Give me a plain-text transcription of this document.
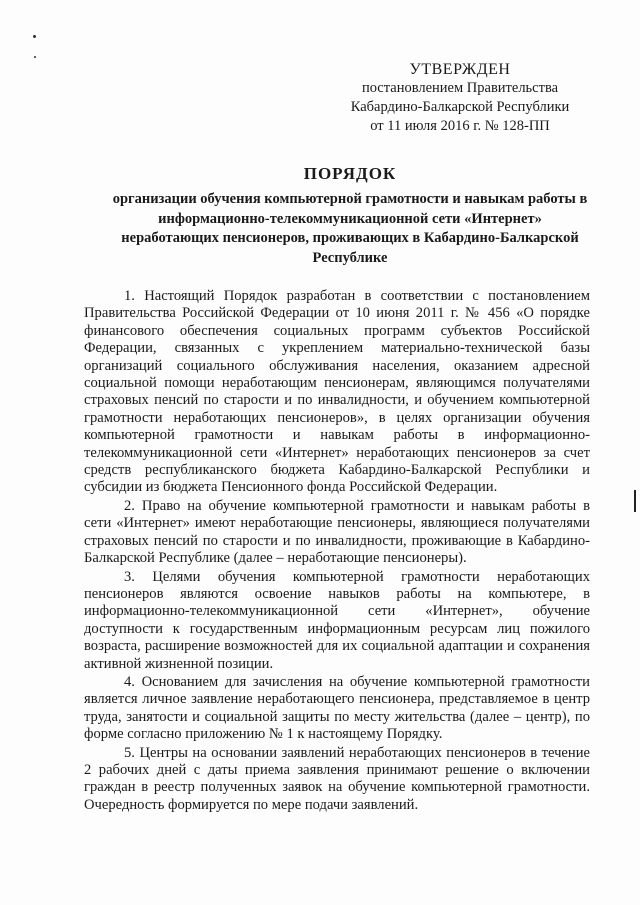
УТВЕРЖДЕН
постановлением Правительства
Кабардино-Балкарской Республики
от 11 июля 2016 г. № 128-ПП
ПОРЯДОК
организации обучения компьютерной грамотности и навыкам работы в информационно-телекоммуникационной сети «Интернет» неработающих пенсионеров, проживающих в Кабардино-Балкарской Республике

1. Настоящий Порядок разработан в соответствии с постановлением Правительства Российской Федерации от 10 июня 2011 г. № 456 «О порядке финансового обеспечения социальных программ субъектов Российской Федерации, связанных с укреплением материально-технической базы организаций социального обслуживания населения, оказанием адресной социальной помощи неработающим пенсионерам, являющимся получателями страховых пенсий по старости и по инвалидности, и обучением компьютерной грамотности неработающих пенсионеров», в целях организации обучения компьютерной грамотности и навыкам работы в информационно-телекоммуникационной сети «Интернет» неработающих пенсионеров за счет средств республиканского бюджета Кабардино-Балкарской Республики и субсидии из бюджета Пенсионного фонда Российской Федерации.

2. Право на обучение компьютерной грамотности и навыкам работы в сети «Интернет» имеют неработающие пенсионеры, являющиеся получателями страховых пенсий по старости и по инвалидности, проживающие в Кабардино-Балкарской Республике (далее – неработающие пенсионеры).

3. Целями обучения компьютерной грамотности неработающих пенсионеров являются освоение навыков работы на компьютере, в информационно-телекоммуникационной сети «Интернет», обучение доступности к государственным информационным ресурсам лиц пожилого возраста, расширение возможностей для их социальной адаптации и сохранения активной жизненной позиции.

4. Основанием для зачисления на обучение компьютерной грамотности является личное заявление неработающего пенсионера, представляемое в центр труда, занятости и социальной защиты по месту жительства (далее – центр), по форме согласно приложению № 1 к настоящему Порядку.

5. Центры на основании заявлений неработающих пенсионеров в течение 2 рабочих дней с даты приема заявления принимают решение о включении граждан в реестр полученных заявок на обучение компьютерной грамотности. Очередность формируется по мере подачи заявлений.
